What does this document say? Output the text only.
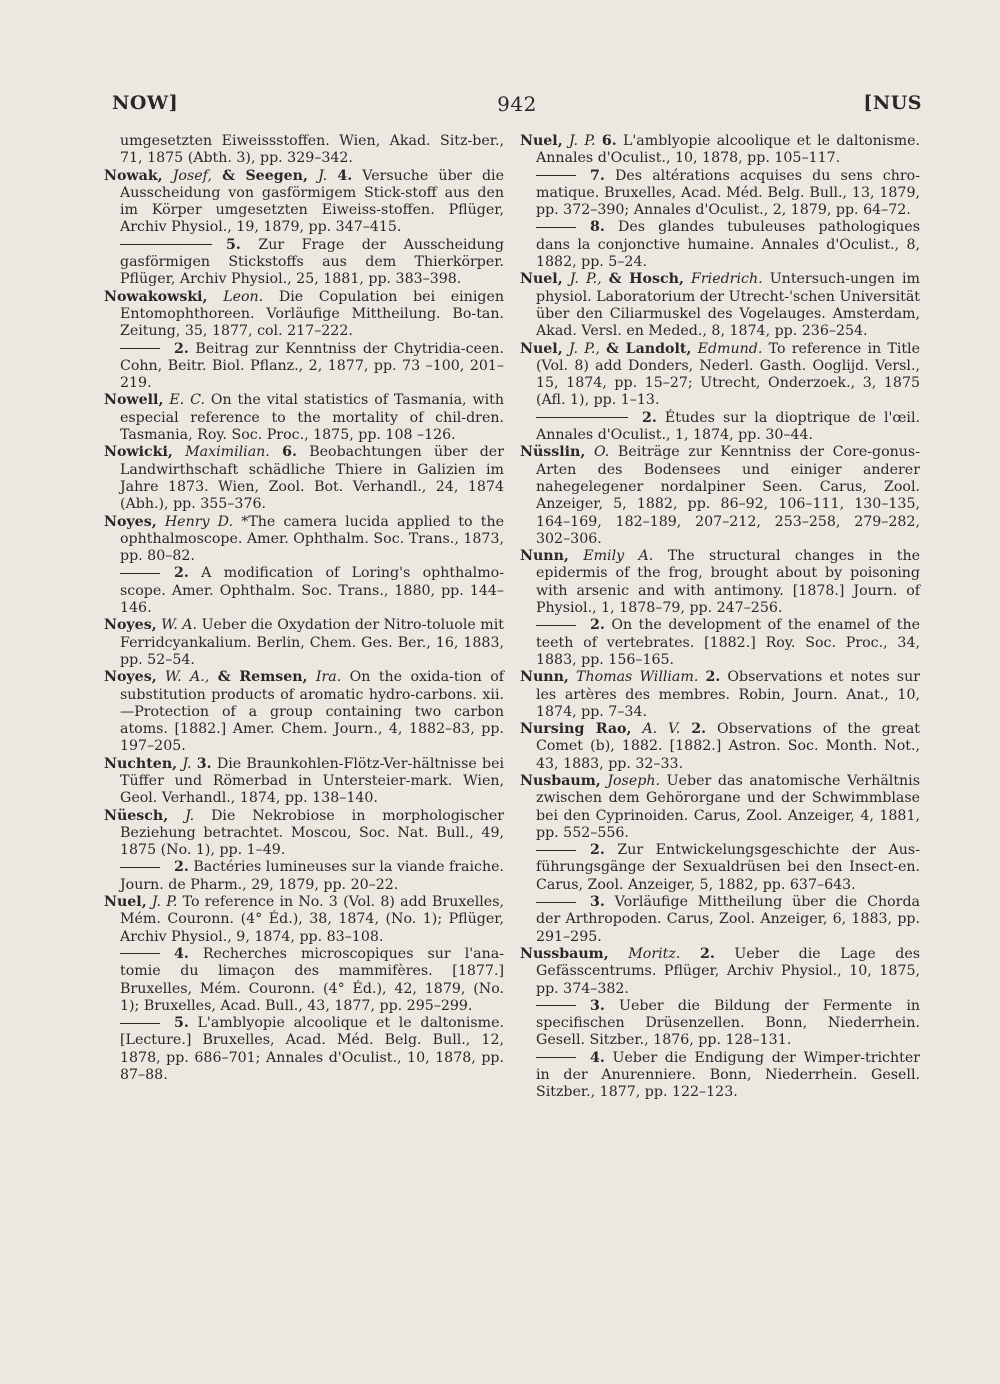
NOW]	942	[NUS

umgesetzten Eiweissstoffen. Wien, Akad. Sitz-ber., 71, 1875 (Abth. 3), pp. 329–342.

Nowak, Josef, & Seegen, J. 4. Versuche über die Ausscheidung von gasförmigem Stick-stoff aus den im Körper umgesetzten Eiweiss-stoffen. Pflüger, Archiv Physiol., 19, 1879, pp. 347–415.

5. Zur Frage der Ausscheidung gasförmigen Stickstoffs aus dem Thierkörper. Pflüger, Archiv Physiol., 25, 1881, pp. 383–398.

Nowakowski, Leon. Die Copulation bei einigen Entomophthoreen. Vorläufige Mittheilung. Bo-tan. Zeitung, 35, 1877, col. 217–222.

2. Beitrag zur Kenntniss der Chytridia-ceen. Cohn, Beitr. Biol. Pflanz., 2, 1877, pp. 73 –100, 201–219.

Nowell, E. C. On the vital statistics of Tasmania, with especial reference to the mortality of chil-dren. Tasmania, Roy. Soc. Proc., 1875, pp. 108 –126.

Nowicki, Maximilian. 6. Beobachtungen über der Landwirthschaft schädliche Thiere in Galizien im Jahre 1873. Wien, Zool. Bot. Verhandl., 24, 1874 (Abh.), pp. 355–376.

Noyes, Henry D. *The camera lucida applied to the ophthalmoscope. Amer. Ophthalm. Soc. Trans., 1873, pp. 80–82.

2. A modification of Loring's ophthalmo-scope. Amer. Ophthalm. Soc. Trans., 1880, pp. 144–146.

Noyes, W. A. Ueber die Oxydation der Nitro-toluole mit Ferridcyankalium. Berlin, Chem. Ges. Ber., 16, 1883, pp. 52–54.

Noyes, W. A., & Remsen, Ira. On the oxida-tion of substitution products of aromatic hydro-carbons. xii.—Protection of a group containing two carbon atoms. [1882.] Amer. Chem. Journ., 4, 1882–83, pp. 197–205.

Nuchten, J. 3. Die Braunkohlen-Flötz-Ver-hältnisse bei Tüffer und Römerbad in Untersteier-mark. Wien, Geol. Verhandl., 1874, pp. 138–140.

Nüesch, J. Die Nekrobiose in morphologischer Beziehung betrachtet. Moscou, Soc. Nat. Bull., 49, 1875 (No. 1), pp. 1–49.

2. Bactéries lumineuses sur la viande fraiche. Journ. de Pharm., 29, 1879, pp. 20–22.

Nuel, J. P. To reference in No. 3 (Vol. 8) add Bruxelles, Mém. Couronn. (4° Éd.), 38, 1874, (No. 1); Pflüger, Archiv Physiol., 9, 1874, pp. 83–108.

4. Recherches microscopiques sur l'ana-tomie du limaçon des mammifères. [1877.] Bruxelles, Mém. Couronn. (4° Éd.), 42, 1879, (No. 1); Bruxelles, Acad. Bull., 43, 1877, pp. 295–299.

5. L'amblyopie alcoolique et le daltonisme. [Lecture.] Bruxelles, Acad. Méd. Belg. Bull., 12, 1878, pp. 686–701; Annales d'Oculist., 10, 1878, pp. 87–88.

Nuel, J. P. 6. L'amblyopie alcoolique et le daltonisme. Annales d'Oculist., 10, 1878, pp. 105–117.

7. Des altérations acquises du sens chro-matique. Bruxelles, Acad. Méd. Belg. Bull., 13, 1879, pp. 372–390; Annales d'Oculist., 2, 1879, pp. 64–72.

8. Des glandes tubuleuses pathologiques dans la conjonctive humaine. Annales d'Oculist., 8, 1882, pp. 5–24.

Nuel, J. P., & Hosch, Friedrich. Untersuch-ungen im physiol. Laboratorium der Utrecht-'schen Universität über den Ciliarmuskel des Vogelauges. Amsterdam, Akad. Versl. en Meded., 8, 1874, pp. 236–254.

Nuel, J. P., & Landolt, Edmund. To reference in Title (Vol. 8) add Donders, Nederl. Gasth. Ooglijd. Versl., 15, 1874, pp. 15–27; Utrecht, Onderzoek., 3, 1875 (Afl. 1), pp. 1–13.

2. Études sur la dioptrique de l'œil. Annales d'Oculist., 1, 1874, pp. 30–44.

Nüsslin, O. Beiträge zur Kenntniss der Core-gonus-Arten des Bodensees und einiger anderer nahegelegener nordalpiner Seen. Carus, Zool. Anzeiger, 5, 1882, pp. 86–92, 106–111, 130–135, 164–169, 182–189, 207–212, 253–258, 279–282, 302–306.

Nunn, Emily A. The structural changes in the epidermis of the frog, brought about by poisoning with arsenic and with antimony. [1878.] Journ. of Physiol., 1, 1878–79, pp. 247–256.

2. On the development of the enamel of the teeth of vertebrates. [1882.] Roy. Soc. Proc., 34, 1883, pp. 156–165.

Nunn, Thomas William. 2. Observations et notes sur les artères des membres. Robin, Journ. Anat., 10, 1874, pp. 7–34.

Nursing Rao, A. V. 2. Observations of the great Comet (b), 1882. [1882.] Astron. Soc. Month. Not., 43, 1883, pp. 32–33.

Nusbaum, Joseph. Ueber das anatomische Verhältnis zwischen dem Gehörorgane und der Schwimmblase bei den Cyprinoiden. Carus, Zool. Anzeiger, 4, 1881, pp. 552–556.

2. Zur Entwickelungsgeschichte der Aus-führungsgänge der Sexualdrüsen bei den Insect-en. Carus, Zool. Anzeiger, 5, 1882, pp. 637–643.

3. Vorläufige Mittheilung über die Chorda der Arthropoden. Carus, Zool. Anzeiger, 6, 1883, pp. 291–295.

Nussbaum, Moritz. 2. Ueber die Lage des Gefässcentrums. Pflüger, Archiv Physiol., 10, 1875, pp. 374–382.

3. Ueber die Bildung der Fermente in specifischen Drüsenzellen. Bonn, Niederrhein. Gesell. Sitzber., 1876, pp. 128–131.

4. Ueber die Endigung der Wimper-trichter in der Anurenniere. Bonn, Niederrhein. Gesell. Sitzber., 1877, pp. 122–123.
